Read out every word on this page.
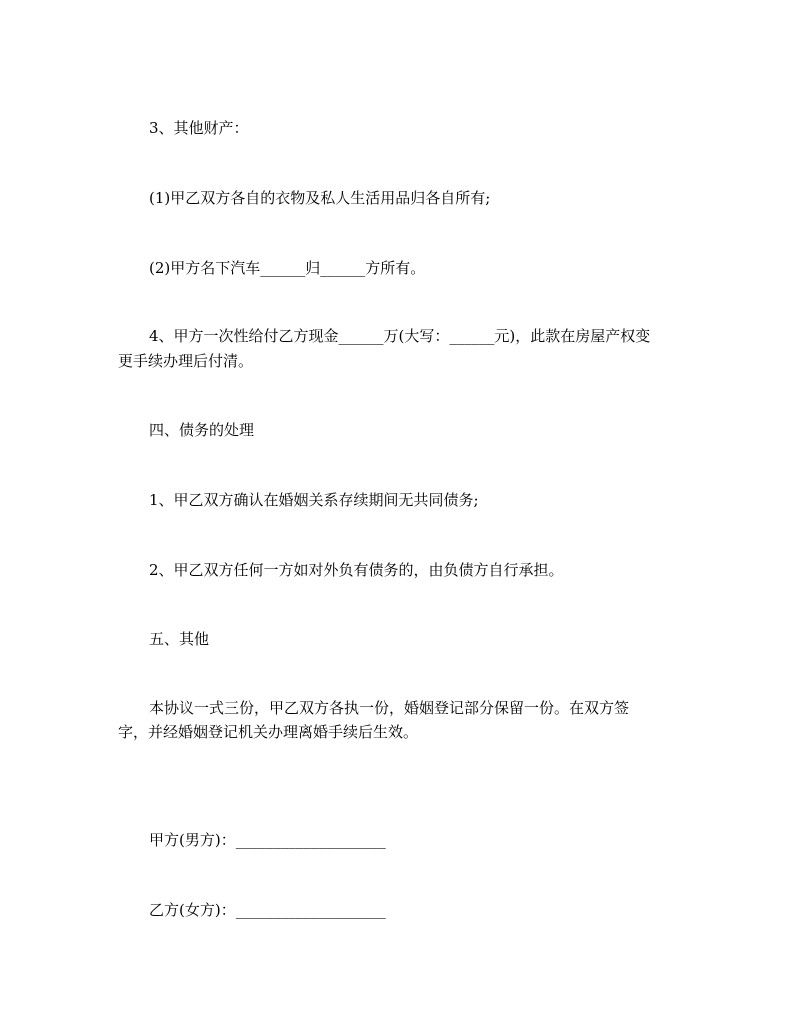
3、其他财产：
(1)甲乙双方各自的衣物及私人生活用品归各自所有;
(2)甲方名下汽车______归______方所有。
4、甲方一次性给付乙方现金______万(大写：______元)，此款在房屋产权变
更手续办理后付清。
四、债务的处理
1、甲乙双方确认在婚姻关系存续期间无共同债务;
2、甲乙双方任何一方如对外负有债务的，由负债方自行承担。
五、其他
本协议一式三份，甲乙双方各执一份，婚姻登记部分保留一份。在双方签
字，并经婚姻登记机关办理离婚手续后生效。
甲方(男方)：____________________
乙方(女方)：____________________
